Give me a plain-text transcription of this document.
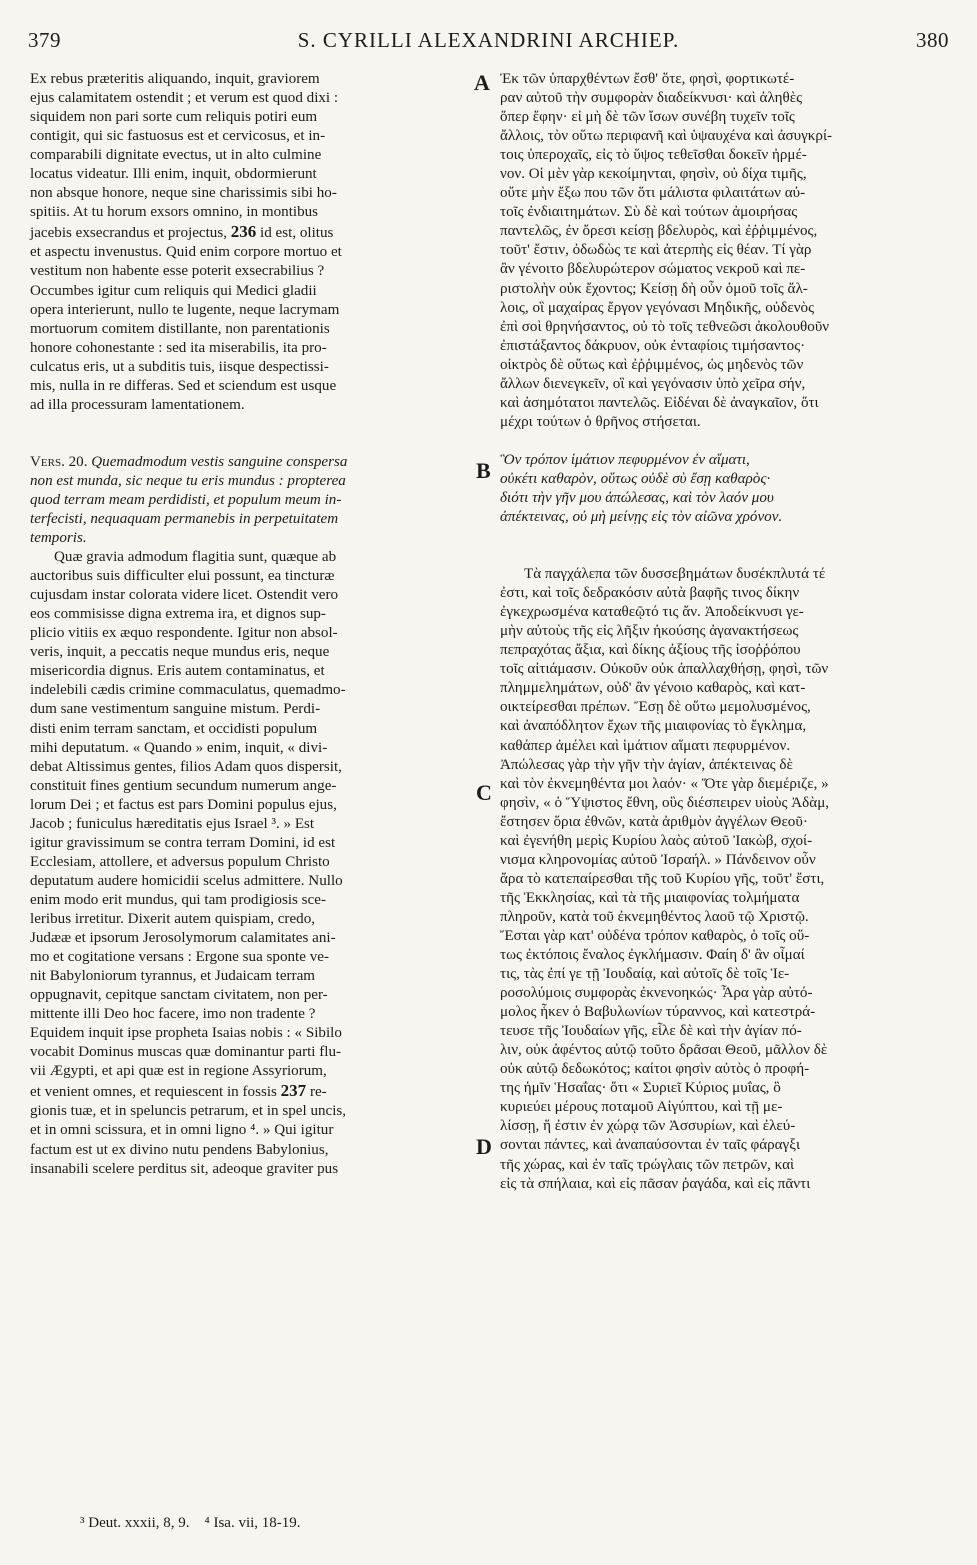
379	S. CYRILLI ALEXANDRINI ARCHIEP.	380
A
B
C
D

Ex rebus præteritis aliquando, inquit, graviorem

ejus calamitatem ostendit ; et verum est quod dixi :

siquidem non pari sorte cum reliquis potiri eum

contigit, qui sic fastuosus est et cervicosus, et in-

comparabili dignitate evectus, ut in alto culmine

locatus videatur. Illi enim, inquit, obdormierunt

non absque honore, neque sine charissimis sibi ho-

spitiis. At tu horum exsors omnino, in montibus

jacebis exsecrandus et projectus, 236 id est, olitus

et aspectu invenustus. Quid enim corpore mortuo et

vestitum non habente esse poterit exsecrabilius ?

Occumbes igitur cum reliquis qui Medici gladii

opera interierunt, nullo te lugente, neque lacrymam

mortuorum comitem distillante, non parentationis

honore cohonestante : sed ita miserabilis, ita pro-

culcatus eris, ut a subditis tuis, iisque despectissi-

mis, nulla in re differas. Sed et sciendum est usque

ad illa processuram lamentationem.

Vers. 20. Quemadmodum vestis sanguine conspersa

non est munda, sic neque tu eris mundus : propterea

quod terram meam perdidisti, et populum meum in-

terfecisti, nequaquam permanebis in perpetuitatem

temporis.

Quæ gravia admodum flagitia sunt, quæque ab

auctoribus suis difficulter elui possunt, ea tincturæ

cujusdam instar colorata videre licet. Ostendit vero

eos commisisse digna extrema ira, et dignos sup-

plicio vitiis ex æquo respondente. Igitur non absol-

veris, inquit, a peccatis neque mundus eris, neque

misericordia dignus. Eris autem contaminatus, et

indelebili cædis crimine commaculatus, quemadmo-

dum sane vestimentum sanguine mistum. Perdi-

disti enim terram sanctam, et occidisti populum

mihi deputatum. « Quando » enim, inquit, « divi-

debat Altissimus gentes, filios Adam quos dispersit,

constituit fines gentium secundum numerum ange-

lorum Dei ; et factus est pars Domini populus ejus,

Jacob ; funiculus hæreditatis ejus Israel ³. » Est

igitur gravissimum se contra terram Domini, id est

Ecclesiam, attollere, et adversus populum Christo

deputatum audere homicidii scelus admittere. Nullo

enim modo erit mundus, qui tam prodigiosis sce-

leribus irretitur. Dixerit autem quispiam, credo,

Judææ et ipsorum Jerosolymorum calamitates ani-

mo et cogitatione versans : Ergone sua sponte ve-

nit Babyloniorum tyrannus, et Judaicam terram

oppugnavit, cepitque sanctam civitatem, non per-

mittente illi Deo hoc facere, imo non tradente ?

Equidem inquit ipse propheta Isaias nobis : « Sibilo

vocabit Dominus muscas quæ dominantur parti flu-

vii Ægypti, et api quæ est in regione Assyriorum,

et venient omnes, et requiescent in fossis 237 re-

gionis tuæ, et in speluncis petrarum, et in spel uncis,

et in omni scissura, et in omni ligno ⁴. » Qui igitur

factum est ut ex divino nutu pendens Babylonius,

insanabili scelere perditus sit, adeoque graviter pus

Ἐκ τῶν ὑπαρχθέντων ἔσθ' ὅτε, φησὶ, φορτικωτέ-

ραν αὐτοῦ τὴν συμφορὰν διαδείκνυσι· καὶ ἀληθὲς

ὅπερ ἔφην· εἰ μὴ δὲ τῶν ἴσων συνέβη τυχεῖν τοῖς

ἄλλοις, τὸν οὕτω περιφανῆ καὶ ὑψαυχένα καὶ ἀσυγκρί-

τοις ὑπεροχαῖς, εἰς τὸ ὕψος τεθεῖσθαι δοκεῖν ἠρμέ-

νον. Οἱ μὲν γὰρ κεκοίμηνται, φησὶν, οὐ δίχα τιμῆς,

οὔτε μὴν ἔξω που τῶν ὅτι μάλιστα φιλαιτάτων αὐ-

τοῖς ἐνδιαιτημάτων. Σὺ δὲ καὶ τούτων ἀμοιρήσας

παντελῶς, ἐν ὄρεσι κείσῃ βδελυρὸς, καὶ ἐῤῥιμμένος,

τοῦτ' ἔστιν, ὀδωδὼς τε καὶ ἀτερπὴς εἰς θέαν. Τί γὰρ

ἂν γένοιτο βδελυρώτερον σώματος νεκροῦ καὶ πε-

ριστολὴν οὐκ ἔχοντος; Κείσῃ δὴ οὖν ὁμοῦ τοῖς ἄλ-

λοις, οἳ μαχαίρας ἔργον γεγόνασι Μηδικῆς, οὐδενὸς

ἐπὶ σοὶ θρηνήσαντος, οὐ τὸ τοῖς τεθνεῶσι ἀκολουθοῦν

ἐπιστάξαντος δάκρυον, οὐκ ἐνταφίοις τιμήσαντος·

οἰκτρὸς δὲ οὕτως καὶ ἐῤῥιμμένος, ὡς μηδενὸς τῶν

ἄλλων διενεγκεῖν, οἳ καὶ γεγόνασιν ὑπὸ χεῖρα σήν,

καὶ ἀσημότατοι παντελῶς. Εἰδέναι δὲ ἀναγκαῖον, ὅτι

μέχρι τούτων ὁ θρῆνος στήσεται.

Ὃν τρόπον ἱμάτιον πεφυρμένον ἐν αἵματι,

οὐκέτι καθαρὸν, οὕτως οὐδὲ σὺ ἔσῃ καθαρὸς·

διότι τὴν γῆν μου ἀπώλεσας, καὶ τὸν λαόν μου

ἀπέκτεινας, οὐ μὴ μείνῃς εἰς τὸν αἰῶνα χρόνον.

Τὰ παγχάλεπα τῶν δυσσεβημάτων δυσέκπλυτά τέ

ἐστι, καὶ τοῖς δεδρακόσιν αὐτὰ βαφῆς τινος δίκην

ἐγκεχρωσμένα καταθεῷτό τις ἄν. Ἀποδείκνυσι γε-

μὴν αὐτοὺς τῆς εἰς λῆξιν ἡκούσης ἀγανακτήσεως

πεπραχότας ἄξια, καὶ δίκης ἀξίους τῆς ἰσοῤῥόπου

τοῖς αἰτιάμασιν. Οὐκοῦν οὐκ ἀπαλλαχθήσῃ, φησὶ, τῶν

πλημμελημάτων, οὐδ' ἂν γένοιο καθαρὸς, καὶ κατ-

οικτείρεσθαι πρέπων. Ἔσῃ δὲ οὕτω μεμολυσμένος,

καὶ ἀναπόδλητον ἔχων τῆς μιαιφονίας τὸ ἔγκλημα,

καθάπερ ἀμέλει καὶ ἱμάτιον αἵματι πεφυρμένον.

Ἀπώλεσας γὰρ τὴν γῆν τὴν ἁγίαν, ἀπέκτεινας δὲ

καὶ τὸν ἐκνεμηθέντα μοι λαόν· « Ὅτε γὰρ διεμέριζε, »

φησὶν, « ὁ Ὕψιστος ἔθνη, οὓς διέσπειρεν υἱοὺς Ἀδὰμ,

ἔστησεν ὅρια ἐθνῶν, κατὰ ἀριθμὸν ἀγγέλων Θεοῦ·

καὶ ἐγενήθη μερὶς Κυρίου λαὸς αὐτοῦ Ἰακὼβ, σχοί-

νισμα κληρονομίας αὐτοῦ Ἰσραήλ. » Πάνδεινον οὖν

ἄρα τὸ κατεπαίρεσθαι τῆς τοῦ Κυρίου γῆς, τοῦτ' ἔστι,

τῆς Ἐκκλησίας, καὶ τὰ τῆς μιαιφονίας τολμήματα

πληροῦν, κατὰ τοῦ ἐκνεμηθέντος λαοῦ τῷ Χριστῷ.

Ἔσται γὰρ κατ' οὐδένα τρόπον καθαρὸς, ὁ τοῖς οὕ-

τως ἐκτόποις ἔναλος ἐγκλήμασιν. Φαίη δ' ἂν οἶμαί

τις, τὰς ἐπί γε τῇ Ἰουδαίᾳ, καὶ αὐτοῖς δὲ τοῖς Ἱε-

ροσολύμοις συμφορὰς ἐκνενοηκώς· Ἆρα γὰρ αὐτό-

μολος ἧκεν ὁ Βαβυλωνίων τύραννος, καὶ κατεστρά-

τευσε τῆς Ἰουδαίων γῆς, εἷλε δὲ καὶ τὴν ἁγίαν πό-

λιν, οὐκ ἀφέντος αὐτῷ τοῦτο δρᾶσαι Θεοῦ, μᾶλλον δὲ

οὐκ αὐτῷ δεδωκότος; καίτοι φησὶν αὐτὸς ὁ προφή-

της ἡμῖν Ἡσαΐας· ὅτι « Συριεῖ Κύριος μυΐας, ὃ

κυριεύει μέρους ποταμοῦ Αἰγύπτου, καὶ τῇ με-

λίσσῃ, ἥ ἐστιν ἐν χώρᾳ τῶν Ἀσσυρίων, καὶ ἐλεύ-

σονται πάντες, καὶ ἀναπαύσονται ἐν ταῖς φάραγξι

τῆς χώρας, καὶ ἐν ταῖς τρώγλαις τῶν πετρῶν, καὶ

εἰς τὰ σπήλαια, καὶ εἰς πᾶσαν ῥαγάδα, καὶ εἰς πᾶντι

³ Deut. xxxii, 8, 9. ⁴ Isa. vii, 18-19.
